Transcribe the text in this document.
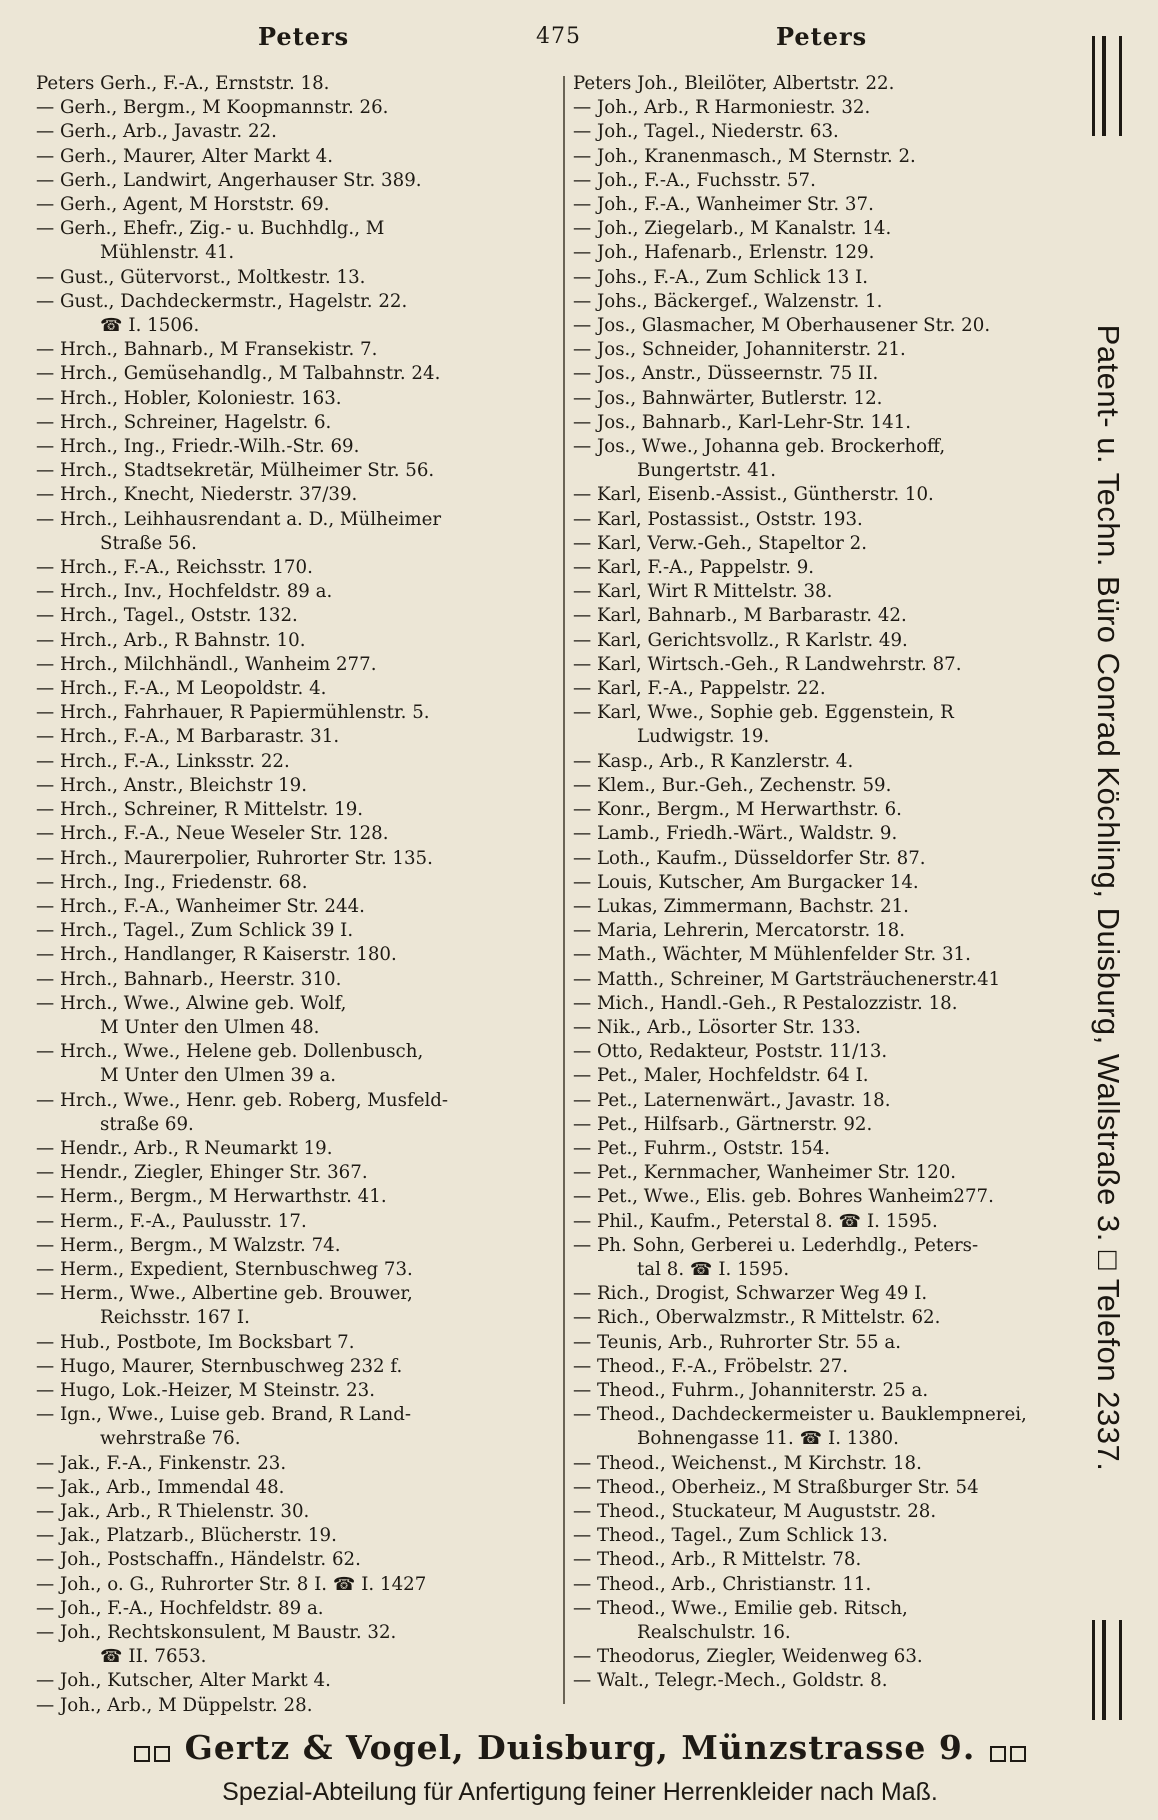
Peters	475	Peters
Peters Gerh., F.-A., Ernststr. 18.
— Gerh., Bergm., M Koopmannstr. 26.
— Gerh., Arb., Javastr. 22.
— Gerh., Maurer, Alter Markt 4.
— Gerh., Landwirt, Angerhauser Str. 389.
— Gerh., Agent, M Horststr. 69.
— Gerh., Ehefr., Zig.- u. Buchhdlg., M
Mühlenstr. 41.
— Gust., Gütervorst., Moltkestr. 13.
— Gust., Dachdeckermstr., Hagelstr. 22.
☎ I. 1506.
— Hrch., Bahnarb., M Fransekistr. 7.
— Hrch., Gemüsehandlg., M Talbahnstr. 24.
— Hrch., Hobler, Koloniestr. 163.
— Hrch., Schreiner, Hagelstr. 6.
— Hrch., Ing., Friedr.-Wilh.-Str. 69.
— Hrch., Stadtsekretär, Mülheimer Str. 56.
— Hrch., Knecht, Niederstr. 37/39.
— Hrch., Leihhausrendant a. D., Mülheimer
Straße 56.
— Hrch., F.-A., Reichsstr. 170.
— Hrch., Inv., Hochfeldstr. 89 a.
— Hrch., Tagel., Oststr. 132.
— Hrch., Arb., R Bahnstr. 10.
— Hrch., Milchhändl., Wanheim 277.
— Hrch., F.-A., M Leopoldstr. 4.
— Hrch., Fahrhauer, R Papiermühlenstr. 5.
— Hrch., F.-A., M Barbarastr. 31.
— Hrch., F.-A., Linksstr. 22.
— Hrch., Anstr., Bleichstr 19.
— Hrch., Schreiner, R Mittelstr. 19.
— Hrch., F.-A., Neue Weseler Str. 128.
— Hrch., Maurerpolier, Ruhrorter Str. 135.
— Hrch., Ing., Friedenstr. 68.
— Hrch., F.-A., Wanheimer Str. 244.
— Hrch., Tagel., Zum Schlick 39 I.
— Hrch., Handlanger, R Kaiserstr. 180.
— Hrch., Bahnarb., Heerstr. 310.
— Hrch., Wwe., Alwine geb. Wolf,
M Unter den Ulmen 48.
— Hrch., Wwe., Helene geb. Dollenbusch,
M Unter den Ulmen 39 a.
— Hrch., Wwe., Henr. geb. Roberg, Musfeld-
straße 69.
— Hendr., Arb., R Neumarkt 19.
— Hendr., Ziegler, Ehinger Str. 367.
— Herm., Bergm., M Herwarthstr. 41.
— Herm., F.-A., Paulusstr. 17.
— Herm., Bergm., M Walzstr. 74.
— Herm., Expedient, Sternbuschweg 73.
— Herm., Wwe., Albertine geb. Brouwer,
Reichsstr. 167 I.
— Hub., Postbote, Im Bocksbart 7.
— Hugo, Maurer, Sternbuschweg 232 f.
— Hugo, Lok.-Heizer, M Steinstr. 23.
— Ign., Wwe., Luise geb. Brand, R Land-
wehrstraße 76.
— Jak., F.-A., Finkenstr. 23.
— Jak., Arb., Immendal 48.
— Jak., Arb., R Thielenstr. 30.
— Jak., Platzarb., Blücherstr. 19.
— Joh., Postschaffn., Händelstr. 62.
— Joh., o. G., Ruhrorter Str. 8 I. ☎ I. 1427
— Joh., F.-A., Hochfeldstr. 89 a.
— Joh., Rechtskonsulent, M Baustr. 32.
☎ II. 7653.
— Joh., Kutscher, Alter Markt 4.
— Joh., Arb., M Düppelstr. 28.
Peters Joh., Bleilöter, Albertstr. 22.
— Joh., Arb., R Harmoniestr. 32.
— Joh., Tagel., Niederstr. 63.
— Joh., Kranenmasch., M Sternstr. 2.
— Joh., F.-A., Fuchsstr. 57.
— Joh., F.-A., Wanheimer Str. 37.
— Joh., Ziegelarb., M Kanalstr. 14.
— Joh., Hafenarb., Erlenstr. 129.
— Johs., F.-A., Zum Schlick 13 I.
— Johs., Bäckergef., Walzenstr. 1.
— Jos., Glasmacher, M Oberhausener Str. 20.
— Jos., Schneider, Johanniterstr. 21.
— Jos., Anstr., Düsseernstr. 75 II.
— Jos., Bahnwärter, Butlerstr. 12.
— Jos., Bahnarb., Karl-Lehr-Str. 141.
— Jos., Wwe., Johanna geb. Brockerhoff,
Bungertstr. 41.
— Karl, Eisenb.-Assist., Güntherstr. 10.
— Karl, Postassist., Oststr. 193.
— Karl, Verw.-Geh., Stapeltor 2.
— Karl, F.-A., Pappelstr. 9.
— Karl, Wirt R Mittelstr. 38.
— Karl, Bahnarb., M Barbarastr. 42.
— Karl, Gerichtsvollz., R Karlstr. 49.
— Karl, Wirtsch.-Geh., R Landwehrstr. 87.
— Karl, F.-A., Pappelstr. 22.
— Karl, Wwe., Sophie geb. Eggenstein, R
Ludwigstr. 19.
— Kasp., Arb., R Kanzlerstr. 4.
— Klem., Bur.-Geh., Zechenstr. 59.
— Konr., Bergm., M Herwarthstr. 6.
— Lamb., Friedh.-Wärt., Waldstr. 9.
— Loth., Kaufm., Düsseldorfer Str. 87.
— Louis, Kutscher, Am Burgacker 14.
— Lukas, Zimmermann, Bachstr. 21.
— Maria, Lehrerin, Mercatorstr. 18.
— Math., Wächter, M Mühlenfelder Str. 31.
— Matth., Schreiner, M Gartsträuchenerstr.41
— Mich., Handl.-Geh., R Pestalozzistr. 18.
— Nik., Arb., Lösorter Str. 133.
— Otto, Redakteur, Poststr. 11/13.
— Pet., Maler, Hochfeldstr. 64 I.
— Pet., Laternenwärt., Javastr. 18.
— Pet., Hilfsarb., Gärtnerstr. 92.
— Pet., Fuhrm., Oststr. 154.
— Pet., Kernmacher, Wanheimer Str. 120.
— Pet., Wwe., Elis. geb. Bohres Wanheim277.
— Phil., Kaufm., Peterstal 8. ☎ I. 1595.
— Ph. Sohn, Gerberei u. Lederhdlg., Peters-
tal 8. ☎ I. 1595.
— Rich., Drogist, Schwarzer Weg 49 I.
— Rich., Oberwalzmstr., R Mittelstr. 62.
— Teunis, Arb., Ruhrorter Str. 55 a.
— Theod., F.-A., Fröbelstr. 27.
— Theod., Fuhrm., Johanniterstr. 25 a.
— Theod., Dachdeckermeister u. Bauklempnerei,
Bohnengasse 11. ☎ I. 1380.
— Theod., Weichenst., M Kirchstr. 18.
— Theod., Oberheiz., M Straßburger Str. 54
— Theod., Stuckateur, M Auguststr. 28.
— Theod., Tagel., Zum Schlick 13.
— Theod., Arb., R Mittelstr. 78.
— Theod., Arb., Christianstr. 11.
— Theod., Wwe., Emilie geb. Ritsch,
Realschulstr. 16.
— Theodorus, Ziegler, Weidenweg 63.
— Walt., Telegr.-Mech., Goldstr. 8.
Patent- u. Techn. Büro Conrad Köchling, Duisburg, Wallstraße 3. □ Telefon 2337.
Gertz & Vogel, Duisburg, Münzstrasse 9.
Spezial-Abteilung für Anfertigung feiner Herrenkleider nach Maß.
